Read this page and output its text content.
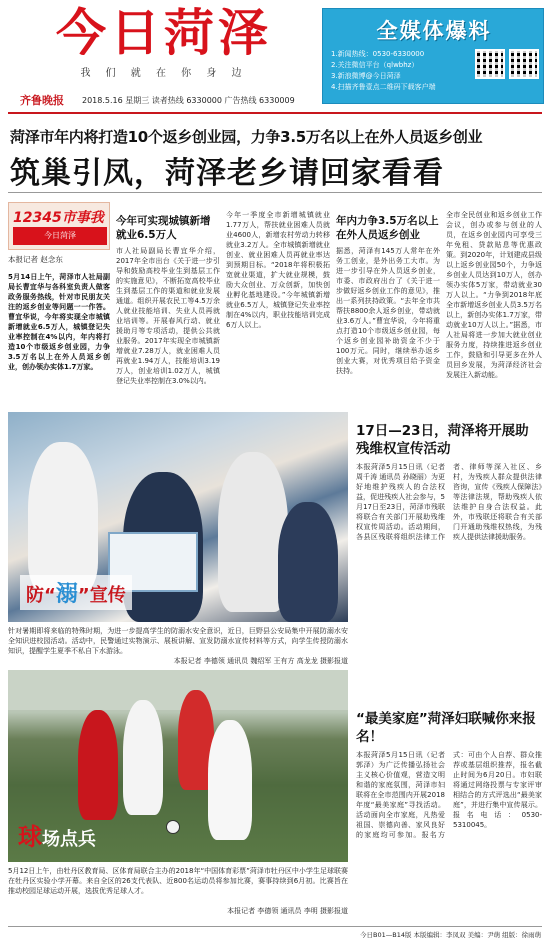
今日菏泽
我 们 就 在 你 身 边
齐鲁晚报 2018.5.16 星期三 读者热线 6330000 广告热线 6330009
全媒体爆料
1.新闻热线：0530-6330000
2.关注微信平台（qlwbhz）
3.新浪微博@今日菏泽
4.扫描齐鲁壹点二维码下载客户端
菏泽市年内将打造10个返乡创业园，力争3.5万名以上在外人员返乡创业
筑巢引凤，菏泽老乡请回家看看
12345市事我
今日菏泽
本报记者 赵念东
5月14日上午，菏泽市人社局副局长曹宜华与各科室负责人做客政务服务热线，针对市民朋友关注的返乡创业等问题一一作答。曹宜华说，今年将实现全市城镇新增就业6.5万人，城镇登记失业率控制在4%以内，年内将打造10个市级返乡创业园，力争3.5万名以上在外人员返乡创业，创办领办实体1.7万家。
今年可实现城镇新增就业6.5万人
市人社局副局长曹宜华介绍，2017年全市出台《关于进一步引导和鼓励高校毕业生到基层工作的实施意见》，不断拓宽高校毕业生到基层工作的渠道和就业发展通道。组织开展农民工等4.5万余人就业技能培训、失业人员再就业培训等。开展春风行动、就业援助月等专项活动，提供公共就业服务。2017年实现全市城镇新增就业7.28万人，就业困难人员再就业1.94万人，技能培训3.19万人，创业培训1.02万人，城镇登记失业率控制在3.0%以内。
今年一季度全市新增城镇就业1.77万人，帮扶就业困难人员就业4600人，新增农村劳动力转移就业3.2万人。全市城镇新增就业创业、就业困难人员再就业率达到预期目标。“2018年将积极拓宽就业渠道，扩大就业规模，鼓励大众创业、万众创新，加快创业孵化基地建设。”今年城镇新增就业6.5万人，城镇登记失业率控制在4%以内，职业技能培训完成6万人以上。
年内力争3.5万名以上在外人员返乡创业
据悉，菏泽有145万人常年在外务工创业，是外出务工大市。为进一步引导在外人员返乡创业，市委、市政府出台了《关于进一步做好返乡创业工作的意见》，推出一系列扶持政策。“去年全市共帮扶8800余人返乡创业，带动就业3.6万人。”曹宜华说，今年将重点打造10个市级返乡创业园，每个返乡创业园补助资金不少于100万元。同时，继续举办返乡创业大赛，对优秀项目给予资金扶持。
全市全民创业和返乡创业工作会议，创办或参与创业的人员，在返乡创业园内可享受三年免租、贷款贴息等优惠政策。到2020年，计划建成县级以上返乡创业园50个，力争返乡创业人员达到10万人，创办领办实体5万家，带动就业30万人以上。“力争到2018年底全市新增返乡创业人员3.5万名以上，新创办实体1.7万家，带动就业10万人以上。”据悉，市人社局将进一步加大就业创业服务力度，持续推进返乡创业工作，鼓励和引导更多在外人员回乡发展，为菏泽经济社会发展注入新动能。
防“溺”宣传
针对暑期即将来临的特殊时期，为进一步提高学生的防溺水安全意识，近日，巨野县公安局集中开展防溺水安全知识进校园活动。活动中，民警通过实物演示、展板讲解、宣发防溺水宣传材料等方式，向学生传授防溺水知识，提醒学生夏季不私自下水游泳。
本报记者 李德领 通讯员 魏绍军 王有方 高龙龙 摄影报道
17日—23日，菏泽将开展助残维权宣传活动
本报菏泽5月15日讯（记者 周千涛 通讯员 孙晓丽）为更好地维护残疾人的合法权益，促进残疾人社会参与，5月17日至23日，菏泽市残联将联合有关部门开展助残维权宣传周活动。活动期间，各县区残联将组织法律工作者、律师等深入社区、乡村，为残疾人群众提供法律咨询，宣传《残疾人保障法》等法律法规，帮助残疾人依法维护自身合法权益。此外，市残联还将联合有关部门开通助残维权热线，为残疾人提供法律援助服务。
球场点兵
5月12日上午，由牡丹区教育局、区体育局联合主办的2018年“中国体育彩票”菏泽市牡丹区中小学生足球联赛在牡丹区实验小学开幕。来自全区的26支代表队、近800名运动员将参加比赛，赛事持续到6月初。比赛旨在推动校园足球运动开展，选拔优秀足球人才。
本报记者 李德领 通讯员 李明 摄影报道
“最美家庭”菏泽妇联喊你来报名！
本报菏泽5月15日讯（记者 郭泽）为广泛传播弘扬社会主义核心价值观，营造文明和谐的家庭氛围，菏泽市妇联将在全市范围内开展2018年度“最美家庭”寻找活动。活动面向全市家庭，凡热爱祖国、崇德向善、家风良好的家庭均可参加。报名方式：可由个人自荐、群众推荐或基层组织推荐，报名截止时间为6月20日。市妇联将通过网络投票与专家评审相结合的方式评选出“最美家庭”，并进行集中宣传展示。报名电话：0530-5310045。
今日B01—B14版 本版编辑：李凤双 美编：尹萌 组版：徐雨萌
